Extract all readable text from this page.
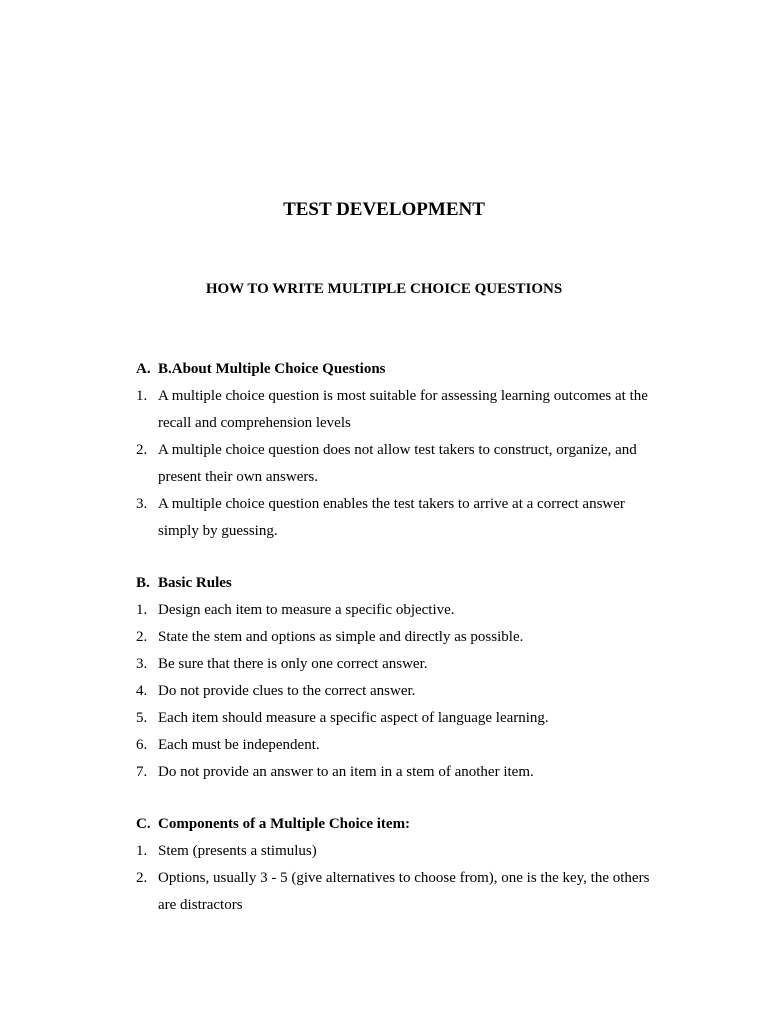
TEST DEVELOPMENT
HOW TO WRITE MULTIPLE CHOICE QUESTIONS
A. B.About Multiple Choice Questions
1. A multiple choice question is most suitable for assessing learning outcomes at the recall and comprehension levels
2. A multiple choice question does not allow test takers to construct, organize, and present their own answers.
3. A multiple choice question enables the test takers to arrive at a correct answer simply by guessing.
B. Basic Rules
1. Design each item to measure a specific objective.
2. State the stem and options as simple and directly as possible.
3. Be sure that there is only one correct answer.
4. Do not provide clues to the correct answer.
5. Each item should measure a specific aspect of language learning.
6. Each must be independent.
7. Do not provide an answer to an item in a stem of another item.
C. Components of a Multiple Choice item:
1. Stem (presents a stimulus)
2. Options, usually 3 - 5 (give alternatives to choose from), one is the key, the others are distractors
